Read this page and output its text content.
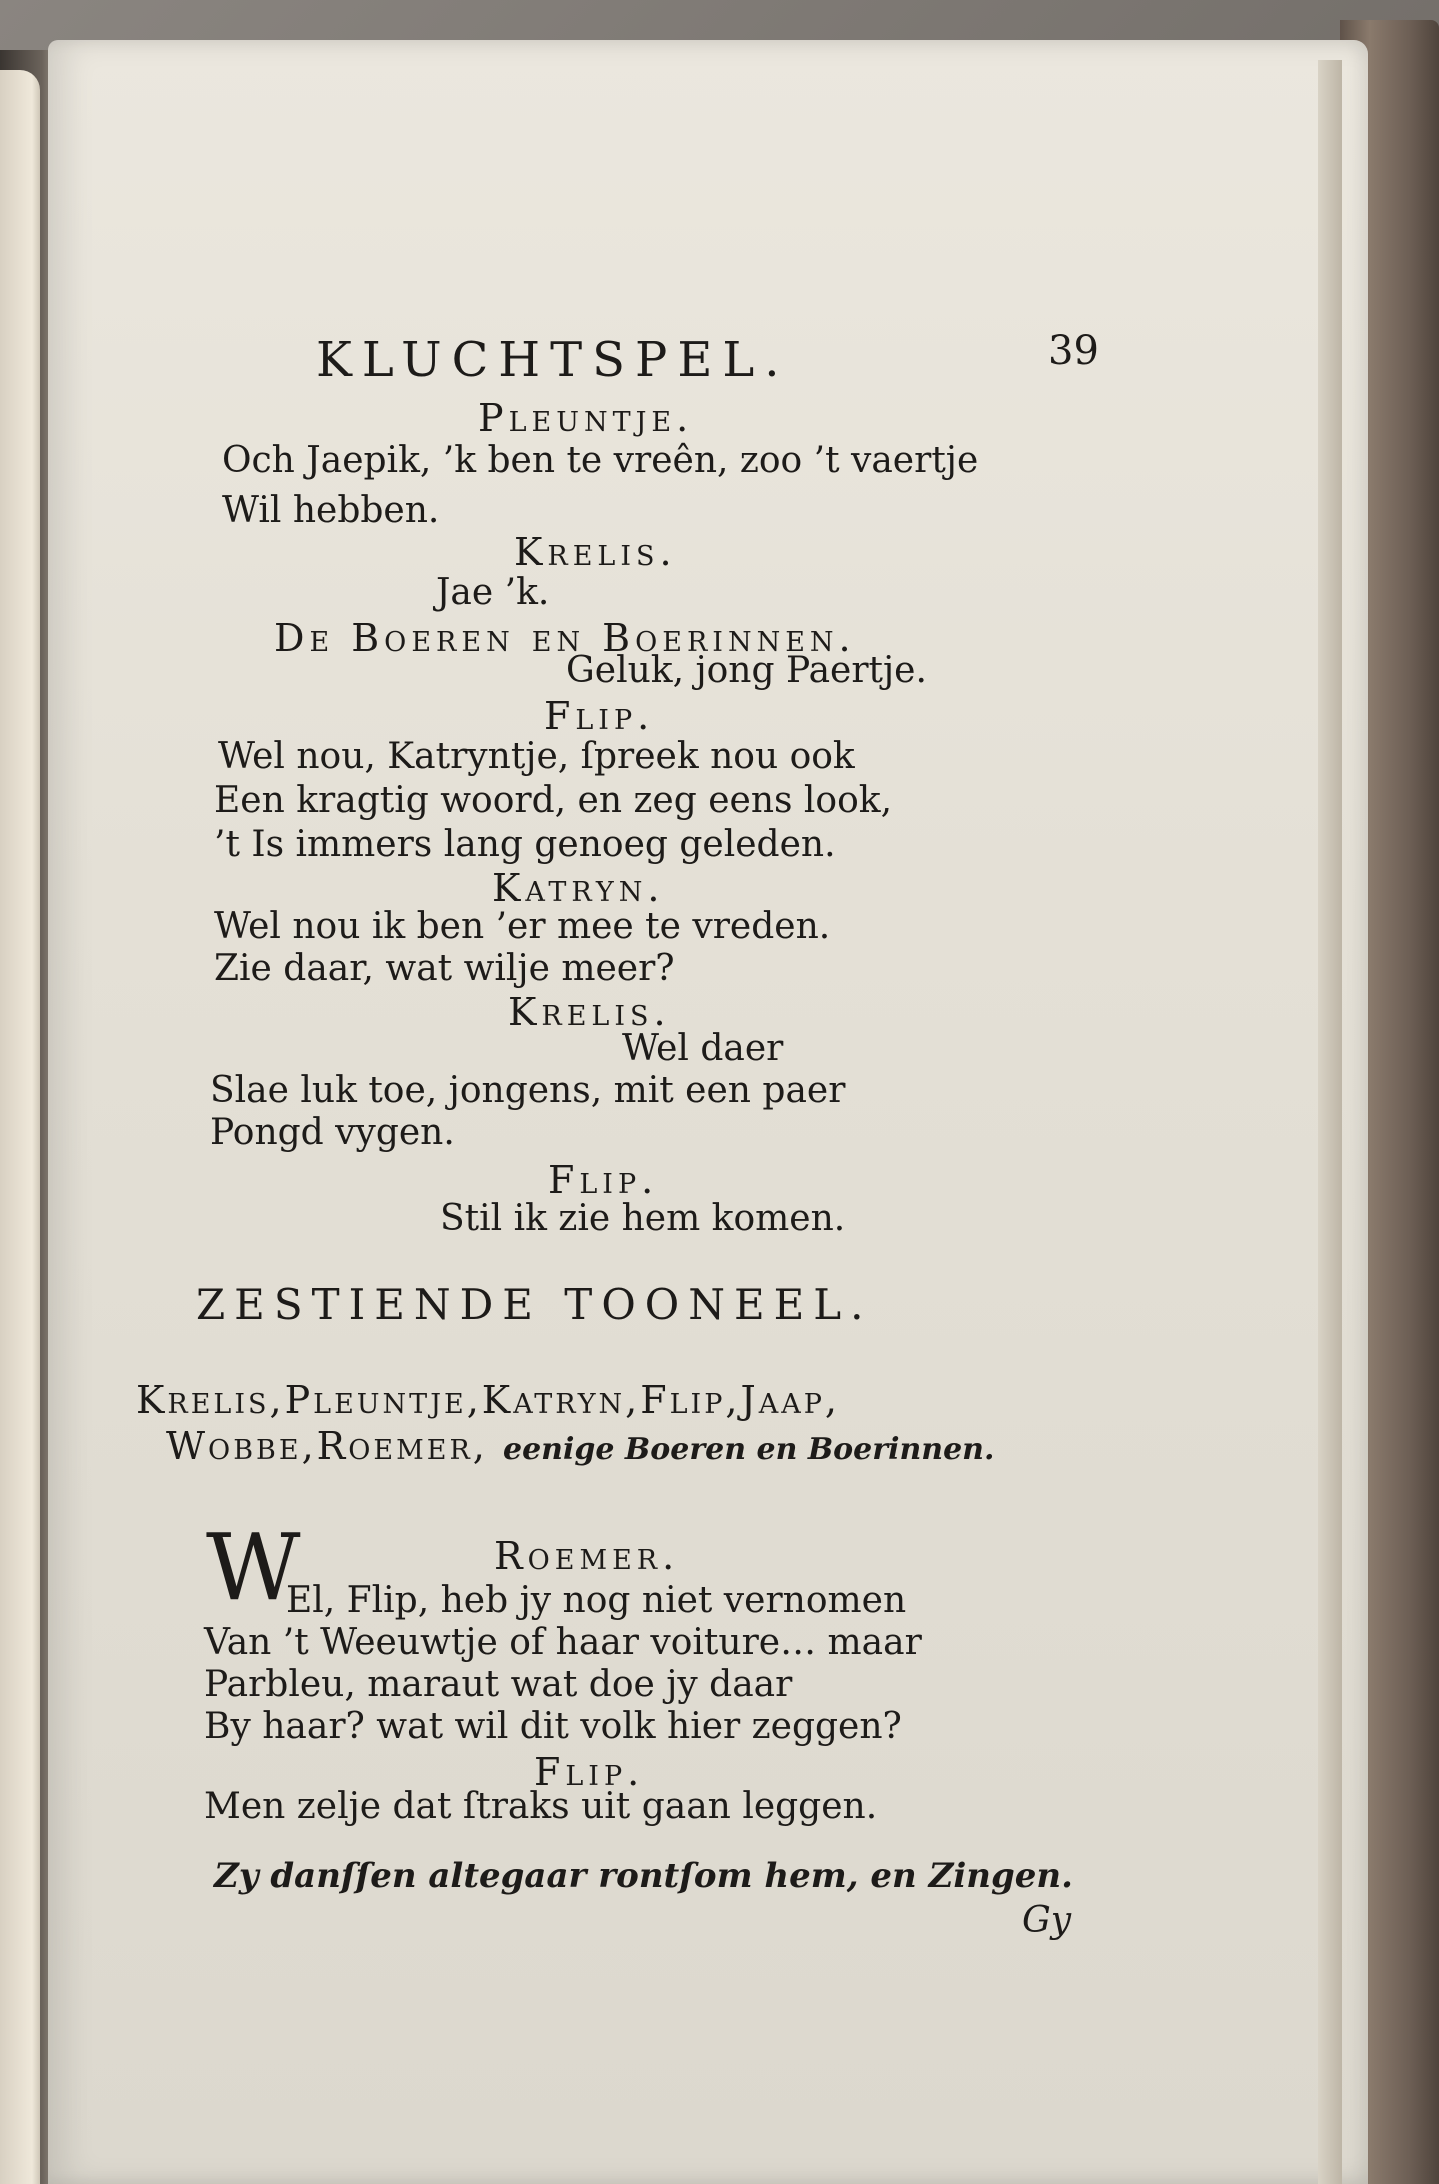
KLUCHTSPEL.	39
Pleuntje.
Och Jaepik, ’k ben te vreên, zoo ’t vaertje
Wil hebben.
Krelis.
Jae ’k.
De Boeren en Boerinnen.
Geluk, jong Paertje.
Flip.
Wel nou, Katryntje, ſpreek nou ook
Een kragtig woord, en zeg eens look,
’t Is immers lang genoeg geleden.
Katryn.
Wel nou ik ben ’er mee te vreden.
Zie daar, wat wilje meer?
Krelis.
Wel daer
Slae luk toe, jongens, mit een paer
Pongd vygen.
Flip.
Stil ik zie hem komen.
ZESTIENDE TOONEEL.
Krelis,Pleuntje,Katryn,Flip,Jaap,
Wobbe,Roemer, eenige Boeren en Boerinnen.
W	Roemer.
El, Flip, heb jy nog niet vernomen
Van ’t Weeuwtje of haar voiture… maar
Parbleu, maraut wat doe jy daar
By haar? wat wil dit volk hier zeggen?
Flip.
Men zelje dat ſtraks uit gaan leggen.
Zy danſſen altegaar rontſom hem, en Zingen.
Gy
